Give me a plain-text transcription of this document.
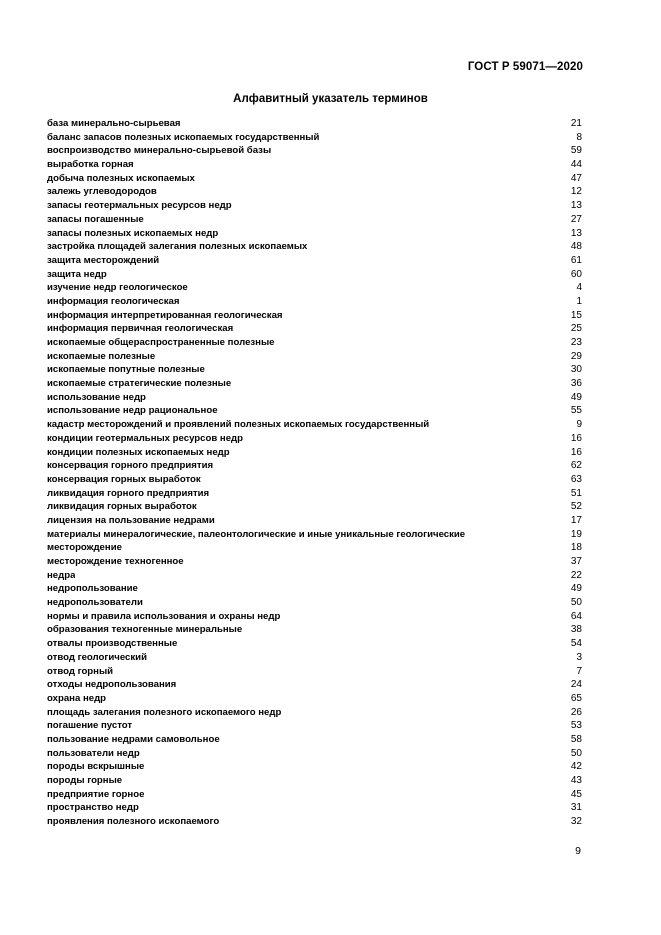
ГОСТ Р 59071—2020
Алфавитный указатель терминов
база минерально-сырьевая	21
баланс запасов полезных ископаемых государственный	8
воспроизводство минерально-сырьевой базы	59
выработка горная	44
добыча полезных ископаемых	47
залежь углеводородов	12
запасы геотермальных ресурсов недр	13
запасы погашенные	27
запасы полезных ископаемых недр	13
застройка площадей залегания полезных ископаемых	48
защита месторождений	61
защита недр	60
изучение недр геологическое	4
информация геологическая	1
информация интерпретированная геологическая	15
информация первичная геологическая	25
ископаемые общераспространенные полезные	23
ископаемые полезные	29
ископаемые попутные полезные	30
ископаемые стратегические полезные	36
использование недр	49
использование недр рациональное	55
кадастр месторождений и проявлений полезных ископаемых государственный	9
кондиции геотермальных ресурсов недр	16
кондиции полезных ископаемых недр	16
консервация горного предприятия	62
консервация горных выработок	63
ликвидация горного предприятия	51
ликвидация горных выработок	52
лицензия на пользование недрами	17
материалы минералогические, палеонтологические и иные уникальные геологические	19
месторождение	18
месторождение техногенное	37
недра	22
недропользование	49
недропользователи	50
нормы и правила использования и охраны недр	64
образования техногенные минеральные	38
отвалы производственные	54
отвод геологический	3
отвод горный	7
отходы недропользования	24
охрана недр	65
площадь залегания полезного ископаемого недр	26
погашение пустот	53
пользование недрами самовольное	58
пользователи недр	50
породы вскрышные	42
породы горные	43
предприятие горное	45
пространство недр	31
проявления полезного ископаемого	32
9
